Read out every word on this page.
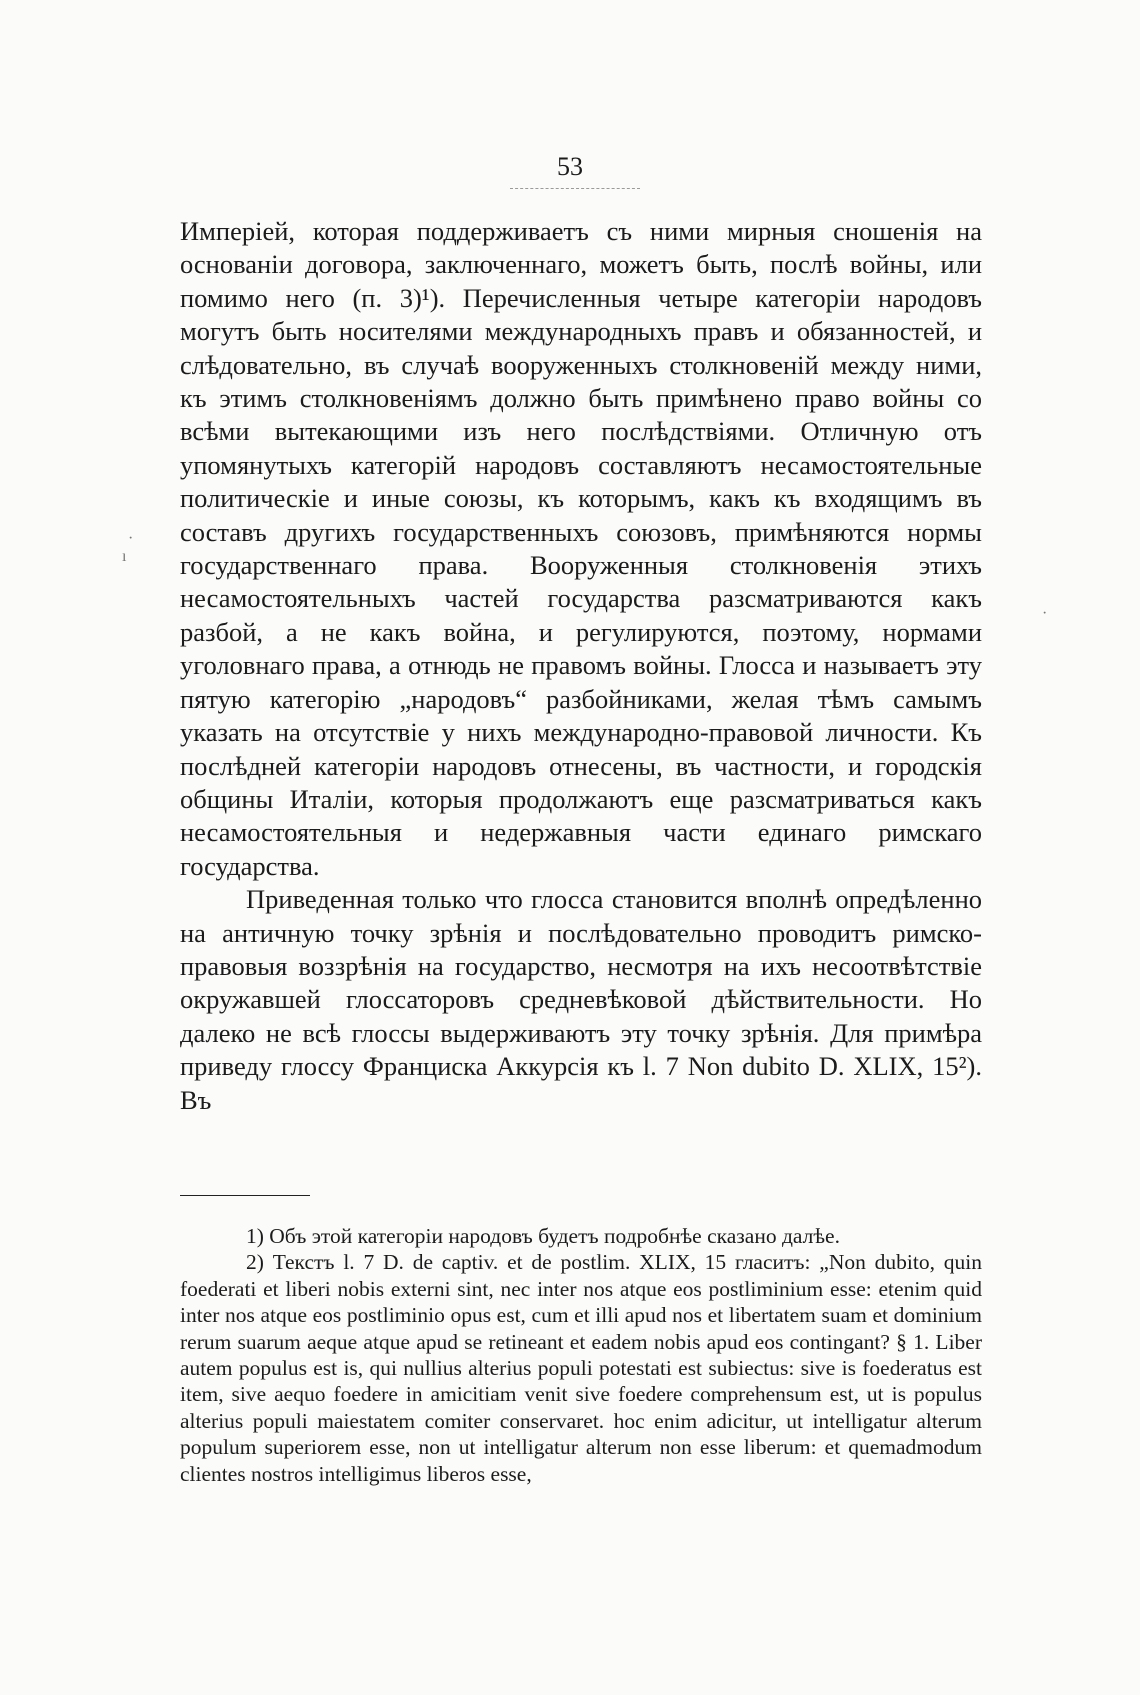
53
·
ı
·

Имперіей, которая поддерживаетъ съ ними мирныя сношенія на основаніи договора, заключеннаго, можетъ быть, послѣ войны, или помимо него (п. 3)¹). Перечисленныя четыре категоріи народовъ могутъ быть носителями международныхъ правъ и обязанностей, и слѣдовательно, въ случаѣ вооруженныхъ столкновеній между ними, къ этимъ столкновеніямъ должно быть примѣнено право войны со всѣми вытекающими изъ него послѣдствіями. Отличную отъ упомянутыхъ категорій народовъ составляютъ несамостоятельные политическіе и иные союзы, къ которымъ, какъ къ входящимъ въ составъ другихъ государственныхъ союзовъ, примѣняются нормы государственнаго права. Вооруженныя столкновенія этихъ несамостоятельныхъ частей государства разсматриваются какъ разбой, а не какъ война, и регулируются, поэтому, нормами уголовнаго права, а отнюдь не правомъ войны. Глосса и называетъ эту пятую категорію „народовъ“ разбойниками, желая тѣмъ самымъ указать на отсутствіе у нихъ международно-правовой личности. Къ послѣдней категоріи народовъ отнесены, въ частности, и городскія общины Италіи, которыя продолжаютъ еще разсматриваться какъ несамостоятельныя и недержавныя части единаго римскаго государства.

Приведенная только что глосса становится вполнѣ опредѣленно на античную точку зрѣнія и послѣдовательно проводитъ римско-правовыя воззрѣнія на государство, несмотря на ихъ несоотвѣтствіе окружавшей глоссаторовъ средневѣковой дѣйствительности. Но далеко не всѣ глоссы выдерживаютъ эту точку зрѣнія. Для примѣра приведу глоссу Франциска Аккурсія къ l. 7 Non dubito D. XLIX, 15²). Въ

1) Объ этой категоріи народовъ будетъ подробнѣе сказано далѣе.

2) Текстъ l. 7 D. de captiv. et de postlim. XLIX, 15 гласитъ: „Non dubito, quin foederati et liberi nobis externi sint, nec inter nos atque eos postliminium esse: etenim quid inter nos atque eos postliminio opus est, cum et illi apud nos et libertatem suam et dominium rerum suarum aeque atque apud se retineant et eadem nobis apud eos contingant? § 1. Liber autem populus est is, qui nullius alterius populi potestati est subiectus: sive is foederatus est item, sive aequo foedere in amicitiam venit sive foedere comprehensum est, ut is populus alterius populi maiestatem comiter conservaret. hoc enim adicitur, ut intelligatur alterum populum superiorem esse, non ut intelligatur alterum non esse liberum: et quemadmodum clientes nostros intelligimus liberos esse,
